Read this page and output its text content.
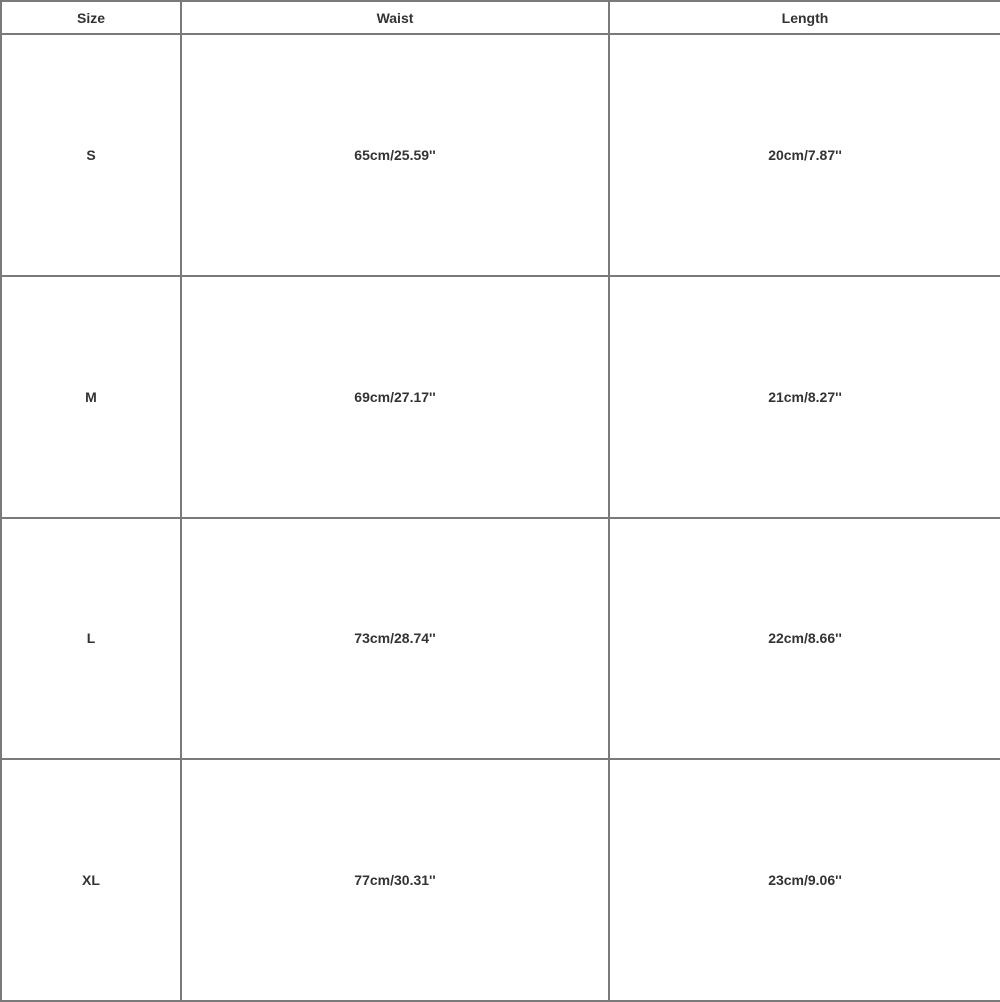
Size	Waist	Length
S	65cm/25.59''	20cm/7.87''
M	69cm/27.17''	21cm/8.27''
L	73cm/28.74''	22cm/8.66''
XL	77cm/30.31''	23cm/9.06''
